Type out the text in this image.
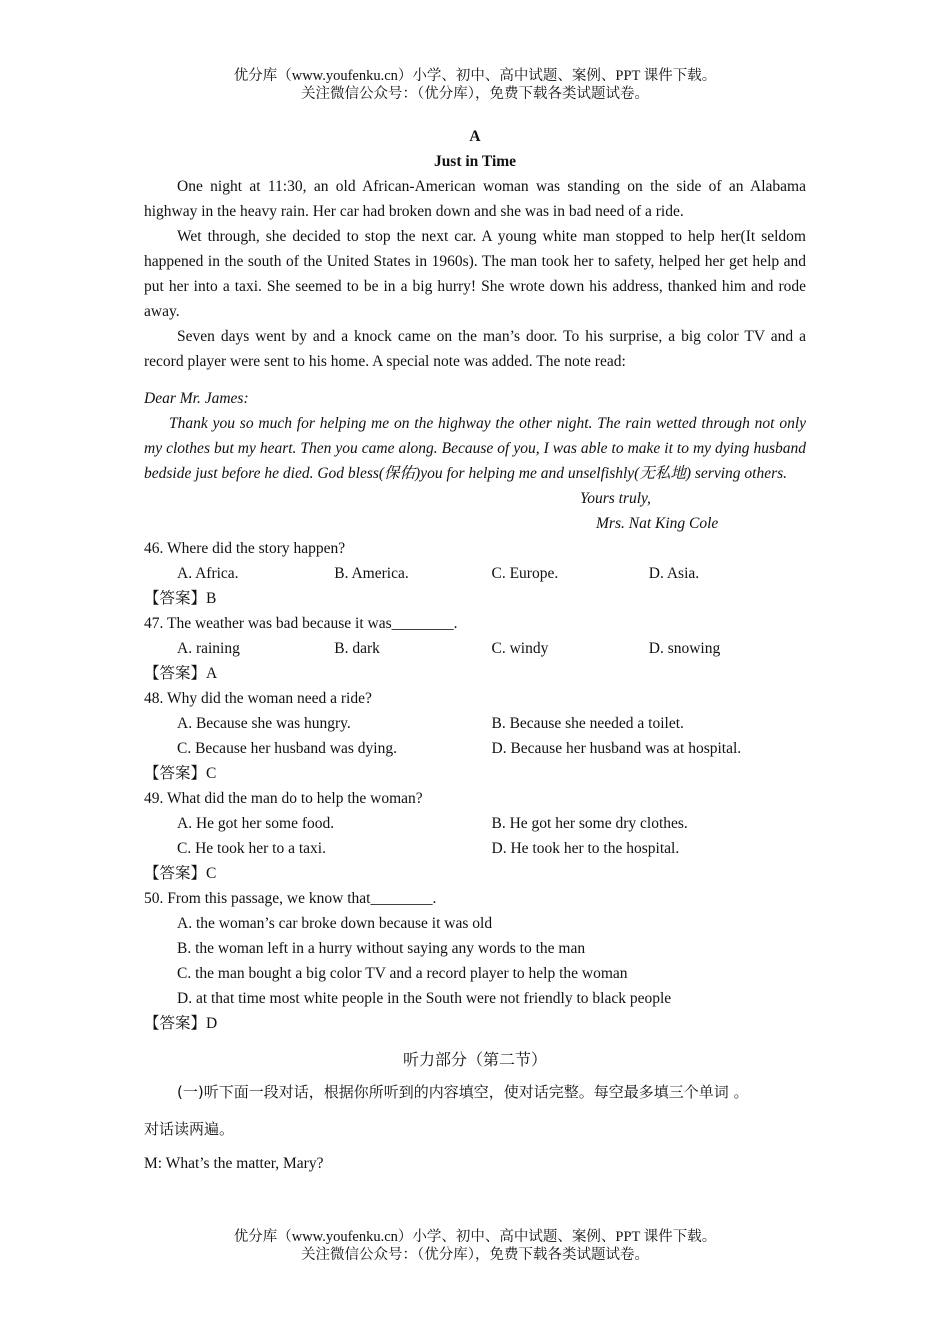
优分库（www.youfenku.cn）小学、初中、高中试题、案例、PPT 课件下载。
关注微信公众号：（优分库），免费下载各类试题试卷。

A

Just in Time

One night at 11:30, an old African-American woman was standing on the side of an Alabama highway in the heavy rain. Her car had broken down and she was in bad need of a ride.

Wet through, she decided to stop the next car. A young white man stopped to help her(It seldom happened in the south of the United States in 1960s). The man took her to safety, helped her get help and put her into a taxi. She seemed to be in a big hurry! She wrote down his address, thanked him and rode away.

Seven days went by and a knock came on the man’s door. To his surprise, a big color TV and a record player were sent to his home. A special note was added. The note read:

Dear Mr. James:

Thank you so much for helping me on the highway the other night. The rain wetted through not only my clothes but my heart. Then you came along. Because of you, I was able to make it to my dying husband bedside just before he died. God bless(保佑)you for helping me and unselfishly(无私地) serving others.

Yours truly,

Mrs. Nat King Cole

46. Where did the story happen?

A. Africa.	B. America.	C. Europe.	D. Asia.

【答案】B

47. The weather was bad because it was________.

A. raining	B. dark	C. windy	D. snowing

【答案】A

48. Why did the woman need a ride?

A. Because she was hungry.	B. Because she needed a toilet.
C. Because her husband was dying.	D. Because her husband was at hospital.

【答案】C

49. What did the man do to help the woman?

A. He got her some food.	B. He got her some dry clothes.
C. He took her to a taxi.	D. He took her to the hospital.

【答案】C

50. From this passage, we know that________.

A. the woman’s car broke down because it was old

B. the woman left in a hurry without saying any words to the man

C. the man bought a big color TV and a record player to help the woman

D. at that time most white people in the South were not friendly to black people

【答案】D

听力部分（第二节）

(一)听下面一段对话，根据你所听到的内容填空，使对话完整。每空最多填三个单词 。

对话读两遍。

M: What’s the matter, Mary?

优分库（www.youfenku.cn）小学、初中、高中试题、案例、PPT 课件下载。
关注微信公众号：（优分库），免费下载各类试题试卷。
